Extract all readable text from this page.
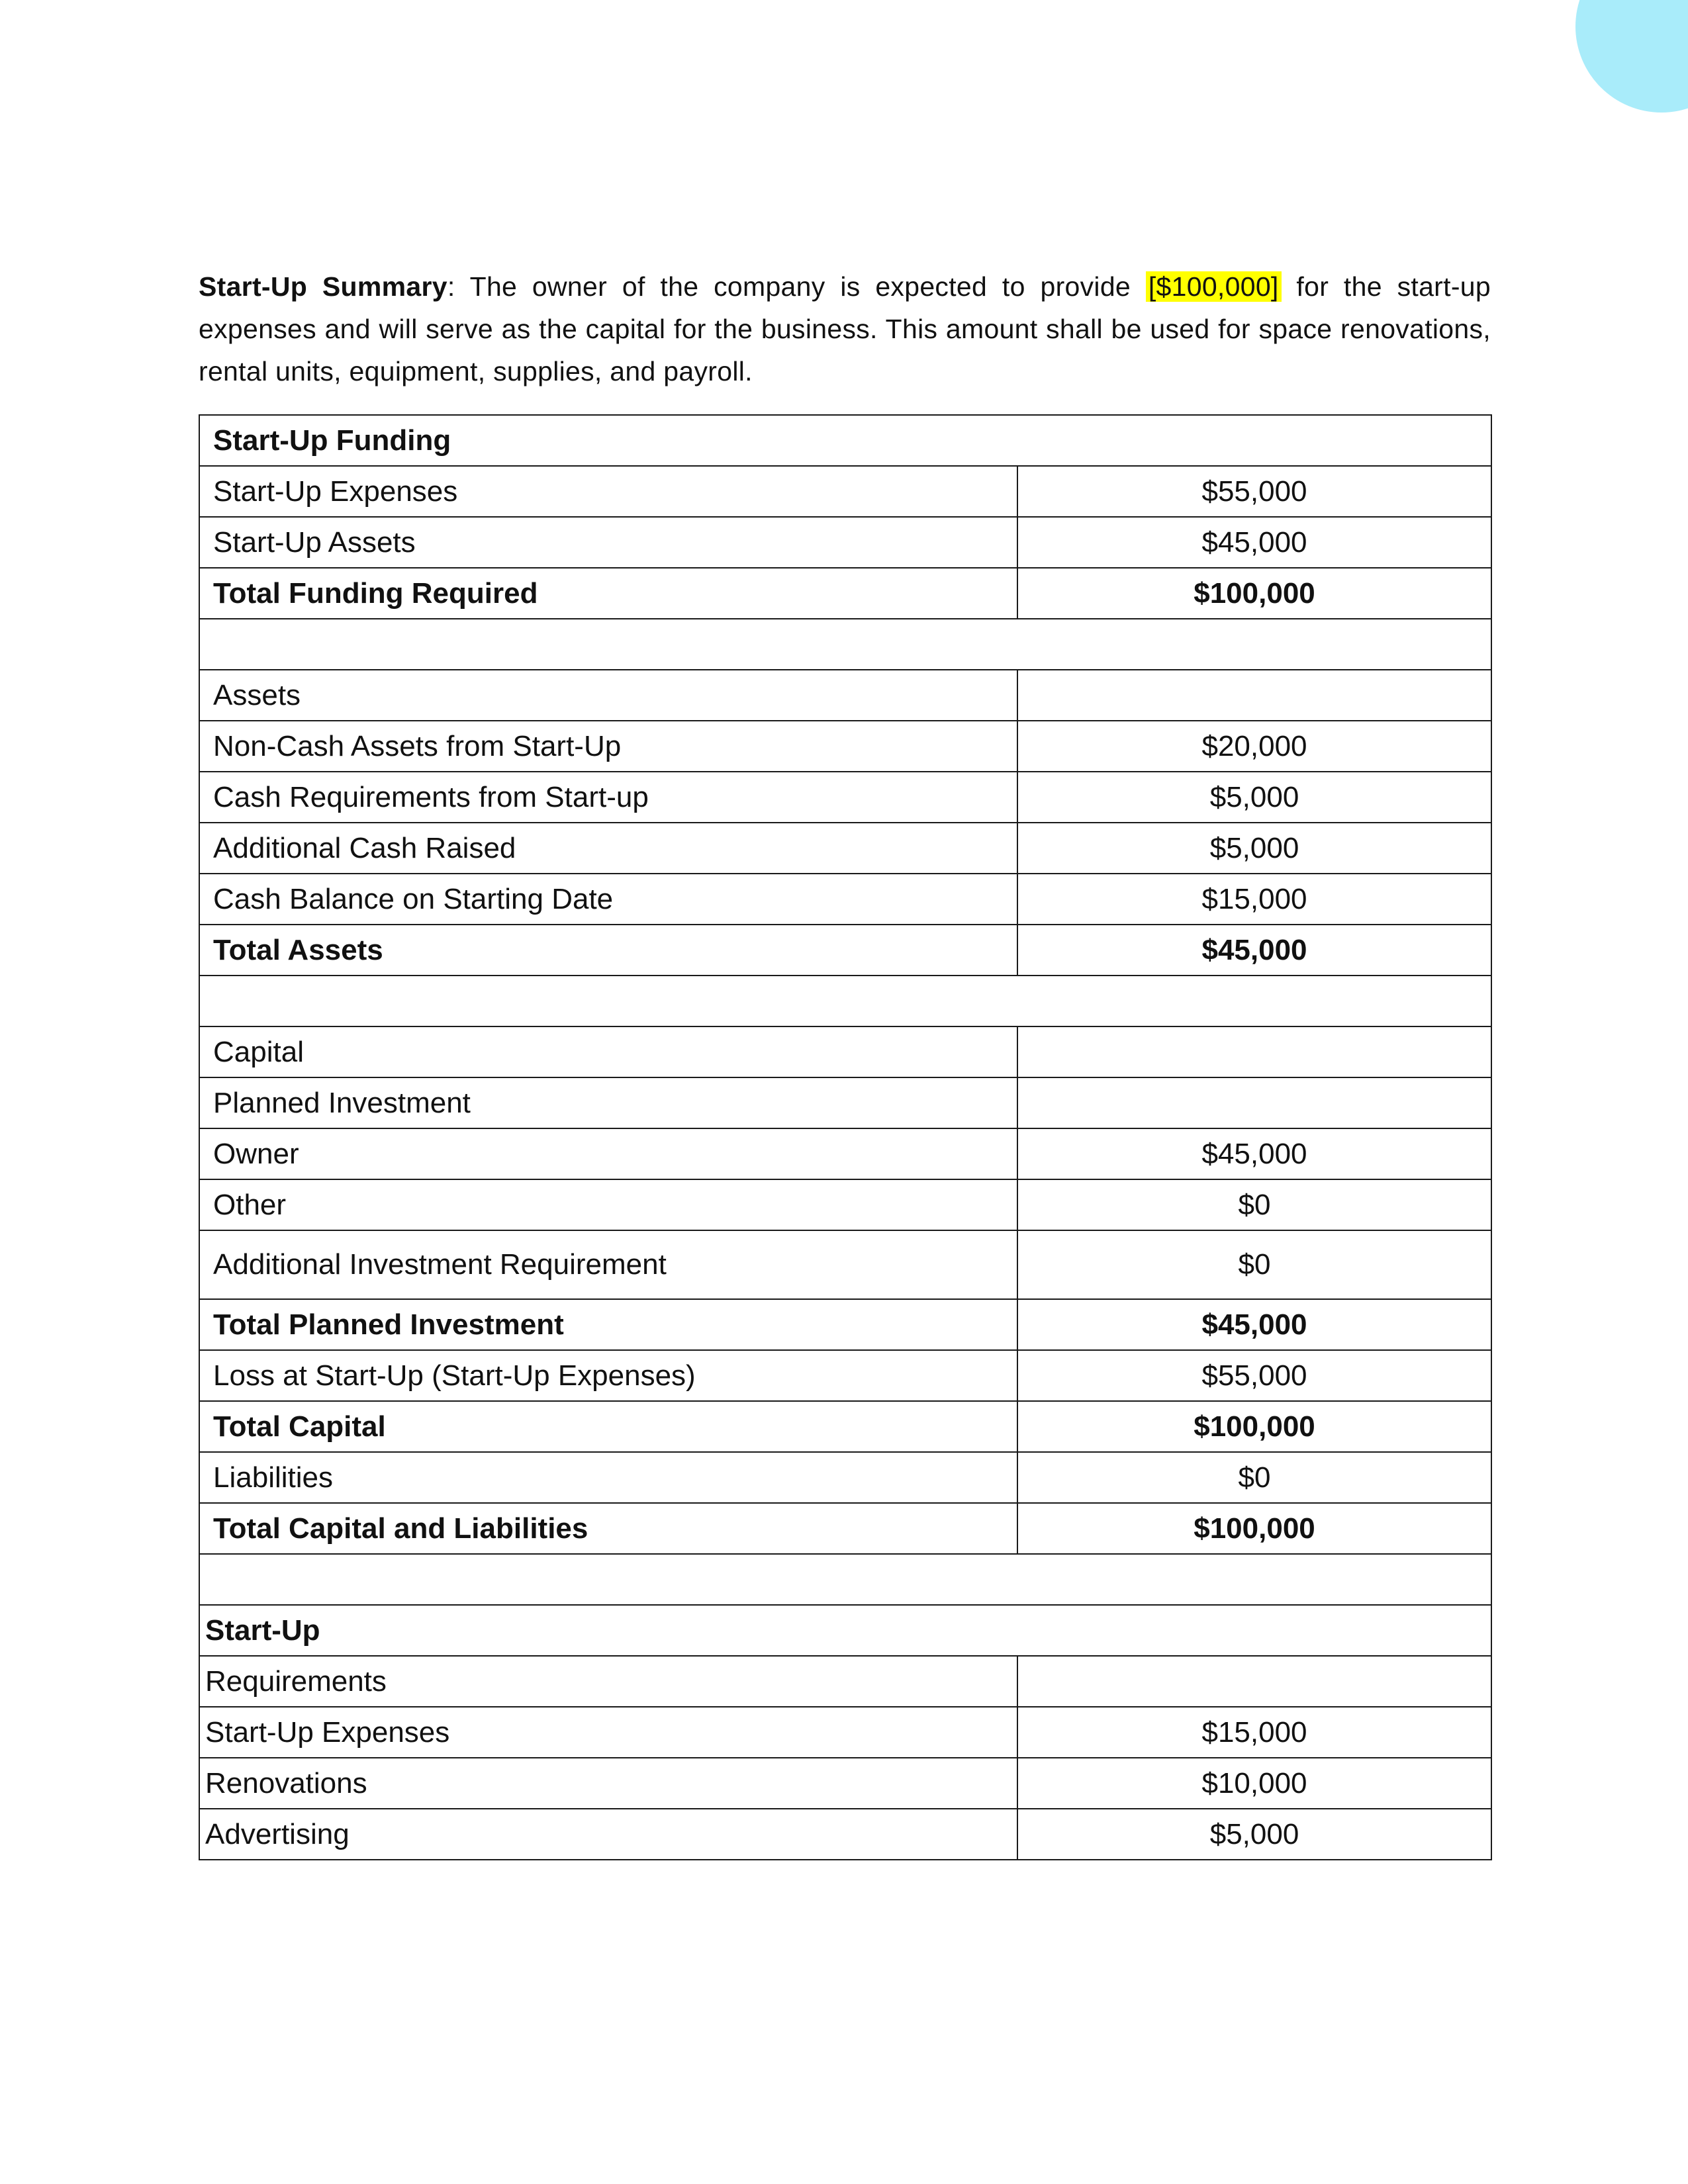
Start-Up Summary: The owner of the company is expected to provide [$100,000] for the start-up expenses and will serve as the capital for the business. This amount shall be used for space renovations, rental units, equipment, supplies, and payroll.

Start-Up Funding	
Start-Up Expenses	$55,000
Start-Up Assets	$45,000
Total Funding Required	$100,000

Assets	
Non-Cash Assets from Start-Up	$20,000
Cash Requirements from Start-up	$5,000
Additional Cash Raised	$5,000
Cash Balance on Starting Date	$15,000
Total Assets	$45,000

Capital	
Planned Investment	
Owner	$45,000
Other	$0
Additional Investment Requirement	$0
Total Planned Investment	$45,000
Loss at Start-Up (Start-Up Expenses)	$55,000
Total Capital	$100,000
Liabilities	$0
Total Capital and Liabilities	$100,000

Start-Up	
Requirements	
Start-Up Expenses	$15,000
Renovations	$10,000
Advertising	$5,000
